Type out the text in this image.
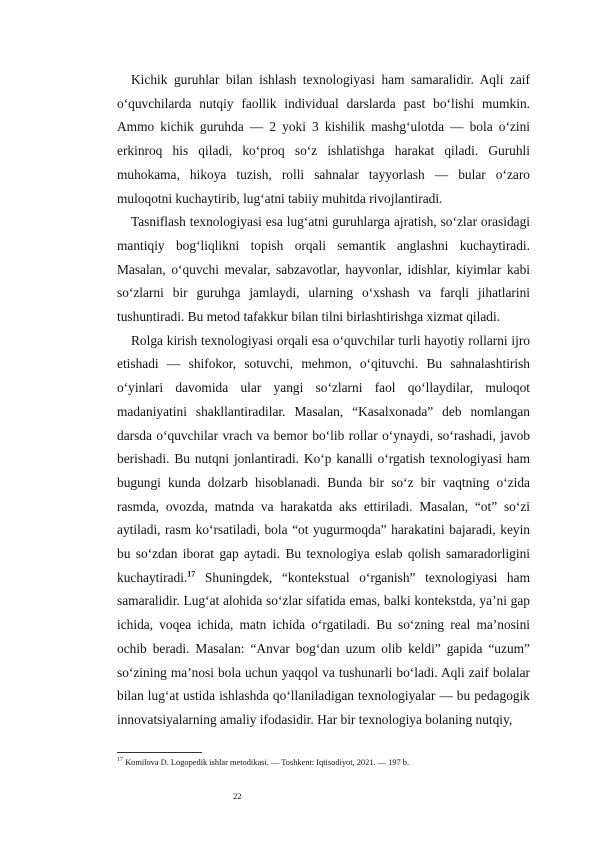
Kichik guruhlar bilan ishlash texnologiyasi ham samaralidir. Aqli zaif o‘quvchilarda nutqiy faollik individual darslarda past bo‘lishi mumkin. Ammo kichik guruhda — 2 yoki 3 kishilik mashg‘ulotda — bola o‘zini erkinroq his qiladi, ko‘proq so‘z ishlatishga harakat qiladi. Guruhli muhokama, hikoya tuzish, rolli sahnalar tayyorlash — bular o‘zaro muloqotni kuchaytirib, lug‘atni tabiiy muhitda rivojlantiradi.

Tasniflash texnologiyasi esa lug‘atni guruhlarga ajratish, so‘zlar orasidagi mantiqiy bog‘liqlikni topish orqali semantik anglashni kuchaytiradi. Masalan, o‘quvchi mevalar, sabzavotlar, hayvonlar, idishlar, kiyimlar kabi so‘zlarni bir guruhga jamlaydi, ularning o‘xshash va farqli jihatlarini tushuntiradi. Bu metod tafakkur bilan tilni birlashtirishga xizmat qiladi.

Rolga kirish texnologiyasi orqali esa o‘quvchilar turli hayotiy rollarni ijro etishadi — shifokor, sotuvchi, mehmon, o‘qituvchi. Bu sahnalashtirish o‘yinlari davomida ular yangi so‘zlarni faol qo‘llaydilar, muloqot madaniyatini shakllantiradilar. Masalan, “Kasalxonada” deb nomlangan darsda o‘quvchilar vrach va bemor bo‘lib rollar o‘ynaydi, so‘rashadi, javob berishadi. Bu nutqni jonlantiradi. Ko‘p kanalli o‘rgatish texnologiyasi ham bugungi kunda dolzarb hisoblanadi. Bunda bir so‘z bir vaqtning o‘zida rasmda, ovozda, matnda va harakatda aks ettiriladi. Masalan, “ot” so‘zi aytiladi, rasm ko‘rsatiladi, bola “ot yugurmoqda” harakatini bajaradi, keyin bu so‘zdan iborat gap aytadi. Bu texnologiya eslab qolish samaradorligini kuchaytiradi.$^{17}$ Shuningdek, “kontekstual o‘rganish” texnologiyasi ham samaralidir. Lug‘at alohida so‘zlar sifatida emas, balki kontekstda, ya’ni gap ichida, voqea ichida, matn ichida o‘rgatiladi. Bu so‘zning real ma’nosini ochib beradi. Masalan: “Anvar bog‘dan uzum olib keldi” gapida “uzum” so‘zining ma’nosi bola uchun yaqqol va tushunarli bo‘ladi. Aqli zaif bolalar bilan lug‘at ustida ishlashda qo‘llaniladigan texnologiyalar — bu pedagogik innovatsiyalarning amaliy ifodasidir. Har bir texnologiya bolaning nutqiy,

$^{17}$ Komilova D. Logopedik ishlar metodikasi. — Toshkent: Iqtisodiyot, 2021. — 197 b.
22
